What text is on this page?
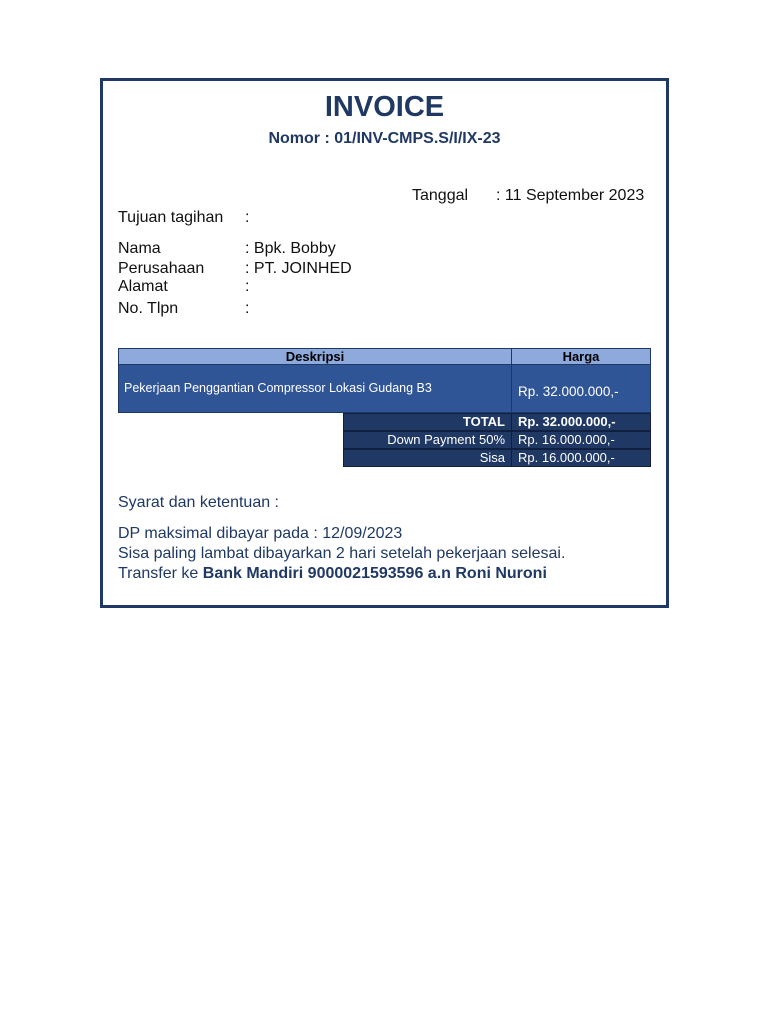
INVOICE
Nomor : 01/INV-CMPS.S/I/IX-23
Tanggal : 11 September 2023
Tujuan tagihan :
Nama	: Bpk. Bobby
Perusahaan	: PT. JOINHED
Alamat	:
No. Tlpn	:
Deskripsi	Harga
Pekerjaan Penggantian Compressor Lokasi Gudang B3	Rp. 32.000.000,-
TOTAL	Rp. 32.000.000,-
Down Payment 50%	Rp. 16.000.000,-
Sisa	Rp. 16.000.000,-
Syarat dan ketentuan :
DP maksimal dibayar pada : 12/09/2023
Sisa paling lambat dibayarkan 2 hari setelah pekerjaan selesai.
Transfer ke Bank Mandiri 9000021593596 a.n Roni Nuroni
